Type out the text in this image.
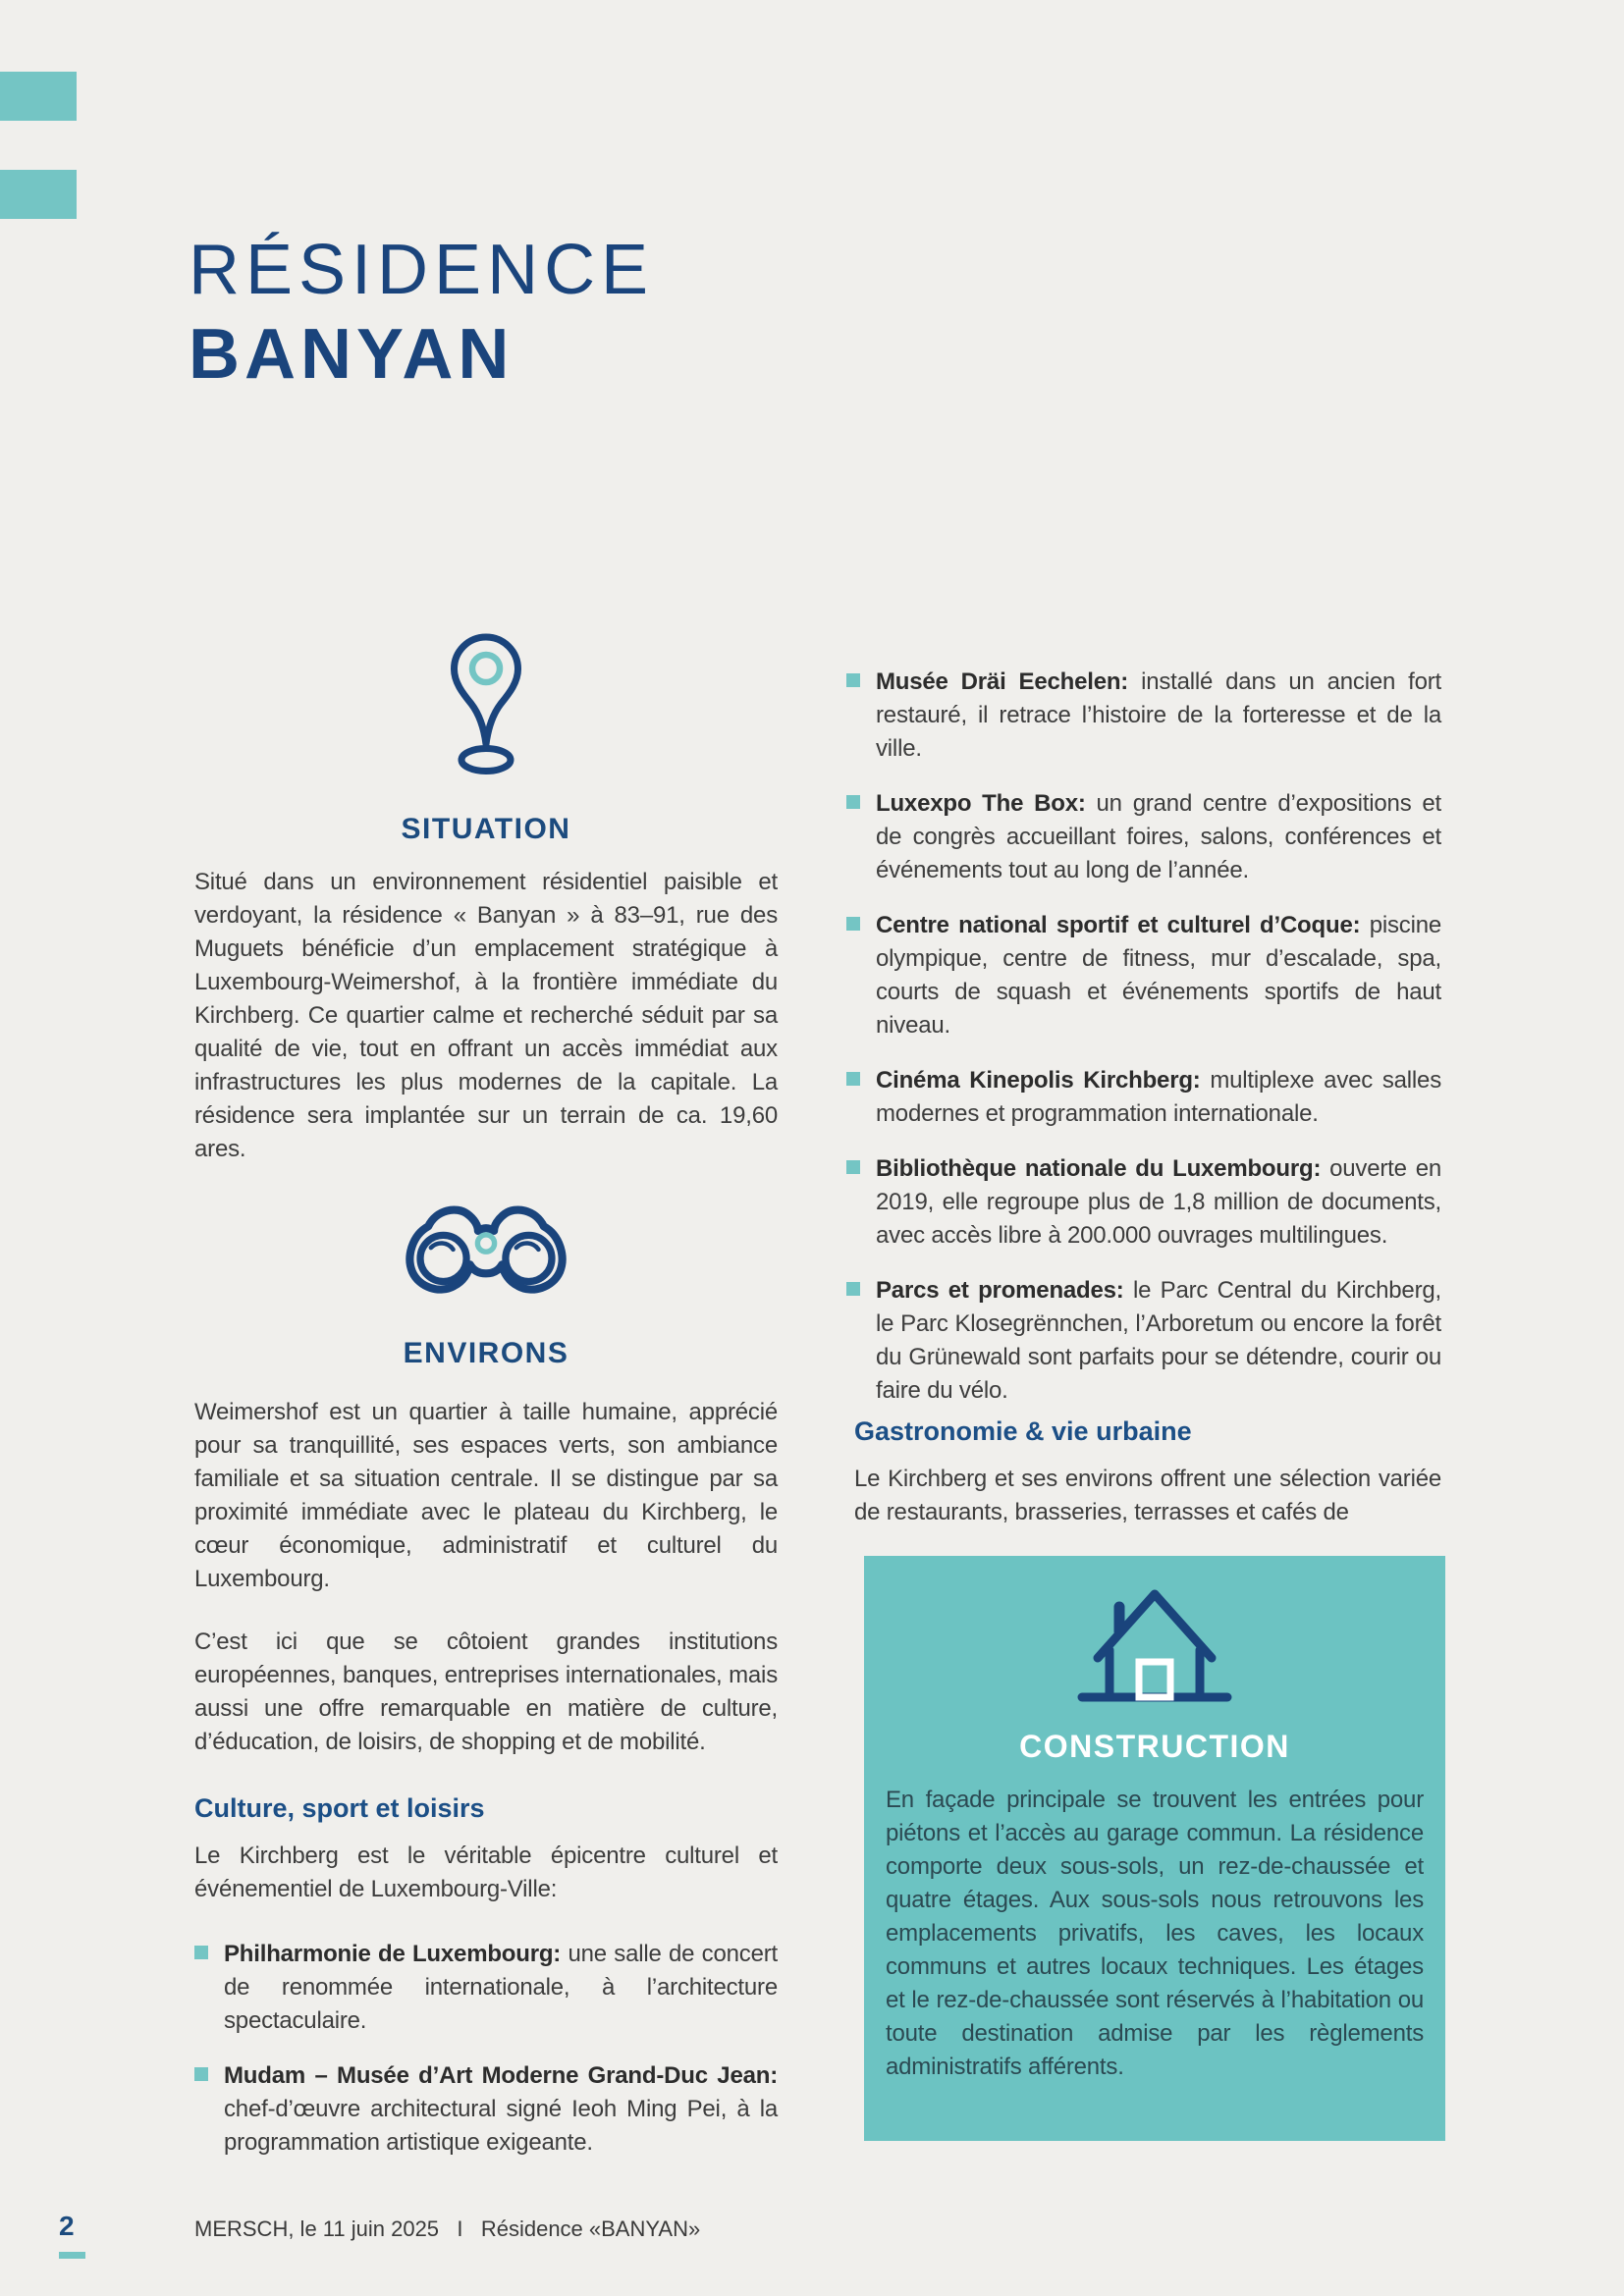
RÉSIDENCE
BANYAN
SITUATION
Situé dans un environnement résidentiel paisible et verdoyant, la résidence « Banyan » à 83–91, rue des Muguets bénéficie d’un emplacement stratégique à Luxembourg-Weimershof, à la frontière immédiate du Kirchberg. Ce quartier calme et recherché séduit par sa qualité de vie, tout en offrant un accès immédiat aux infrastructures les plus modernes de la capitale. La résidence sera implantée sur un terrain de ca. 19,60 ares.
ENVIRONS
Weimershof est un quartier à taille humaine, apprécié pour sa tranquillité, ses espaces verts, son ambiance familiale et sa situation centrale. Il se distingue par sa proximité immédiate avec le plateau du Kirchberg, le cœur économique, administratif et culturel du Luxembourg.
C’est ici que se côtoient grandes institutions européennes, banques, entreprises internationales, mais aussi une offre remarquable en matière de culture, d’éducation, de loisirs, de shopping et de mobilité.
Culture, sport et loisirs
Le Kirchberg est le véritable épicentre culturel et événementiel de Luxembourg-Ville:
Philharmonie de Luxembourg: une salle de concert de renommée internationale, à l’architecture spectaculaire.
Mudam – Musée d’Art Moderne Grand-Duc Jean: chef-d’œuvre architectural signé Ieoh Ming Pei, à la programmation artistique exigeante.
Musée Dräi Eechelen: installé dans un ancien fort restauré, il retrace l’histoire de la forteresse et de la ville.
Luxexpo The Box: un grand centre d’expositions et de congrès accueillant foires, salons, conférences et événements tout au long de l’année.
Centre national sportif et culturel d’Coque: piscine olympique, centre de fitness, mur d’escalade, spa, courts de squash et événements sportifs de haut niveau.
Cinéma Kinepolis Kirchberg: multiplexe avec salles modernes et programmation internationale.
Bibliothèque nationale du Luxembourg: ouverte en 2019, elle regroupe plus de 1,8 million de documents, avec accès libre à 200.000 ouvrages multilingues.
Parcs et promenades: le Parc Central du Kirchberg, le Parc Klosegrënnchen, l’Arboretum ou encore la forêt du Grünewald sont parfaits pour se détendre, courir ou faire du vélo.
Gastronomie & vie urbaine
Le Kirchberg et ses environs offrent une sélection variée de restaurants, brasseries, terrasses et cafés de
CONSTRUCTION
En façade principale se trouvent les entrées pour piétons et l’accès au garage commun. La résidence comporte deux sous-sols, un rez-de-chaussée et quatre étages. Aux sous-sols nous retrouvons les emplacements privatifs, les caves, les locaux communs et autres locaux techniques. Les étages et le rez-de-chaussée sont réservés à l’habitation ou toute destination admise par les règlements administratifs afférents.
2	MERSCH, le 11 juin 2025   I   Résidence «BANYAN»
